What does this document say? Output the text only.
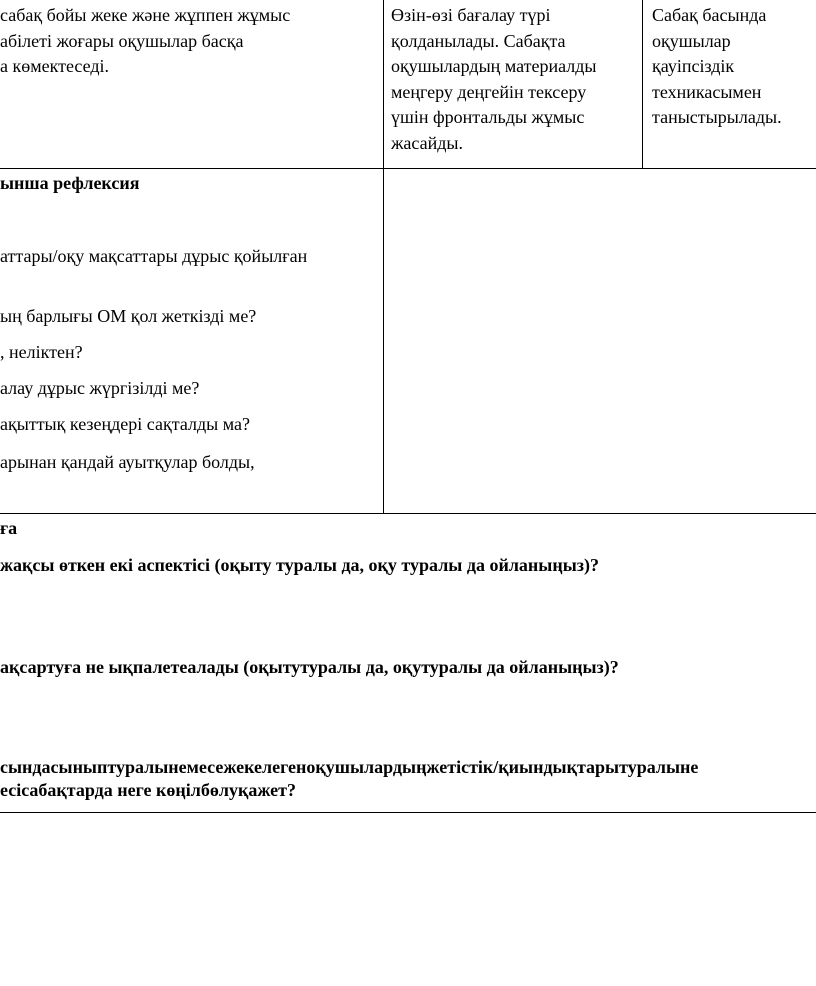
сабақ бойы жеке және жұппен жұмыс
абілеті жоғары оқушылар басқа
а көмектеседі.
Өзін-өзі бағалау түрі
қолданылады. Сабақта
оқушылардың материалды
меңгеру деңгейін тексеру
үшін фронтальды жұмыс
жасайды.
Сабақ басында
оқушылар
қауіпсіздік
техникасымен
таныстырылады.
ынша рефлексия
аттары/оқу мақсаттары дұрыс қойылған
ың барлығы ОМ қол жеткізді ме?
, неліктен?
алау дұрыс жүргізілді ме?
ақыттық кезеңдері сақталды ма?
арынан қандай ауытқулар болды,
ға
жақсы өткен екі аспектісі (оқыту туралы да, оқу туралы да ойланыңыз)?
ақсартуға не ықпалетеалады (оқытутуралы да, оқутуралы да ойланыңыз)?
сындасыныптуралынемесежекелегеноқушылардыңжетістік/қиындықтарытуралыне
есісабақтарда неге көңілбөлуқажет?
